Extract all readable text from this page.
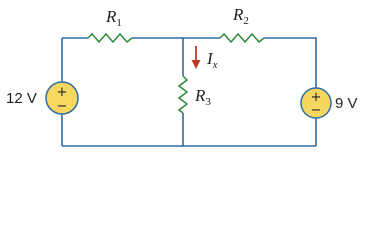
$R_1$	$R_2$
$R_3$
$I_x$
+
−
12 V	+
− 9 V
